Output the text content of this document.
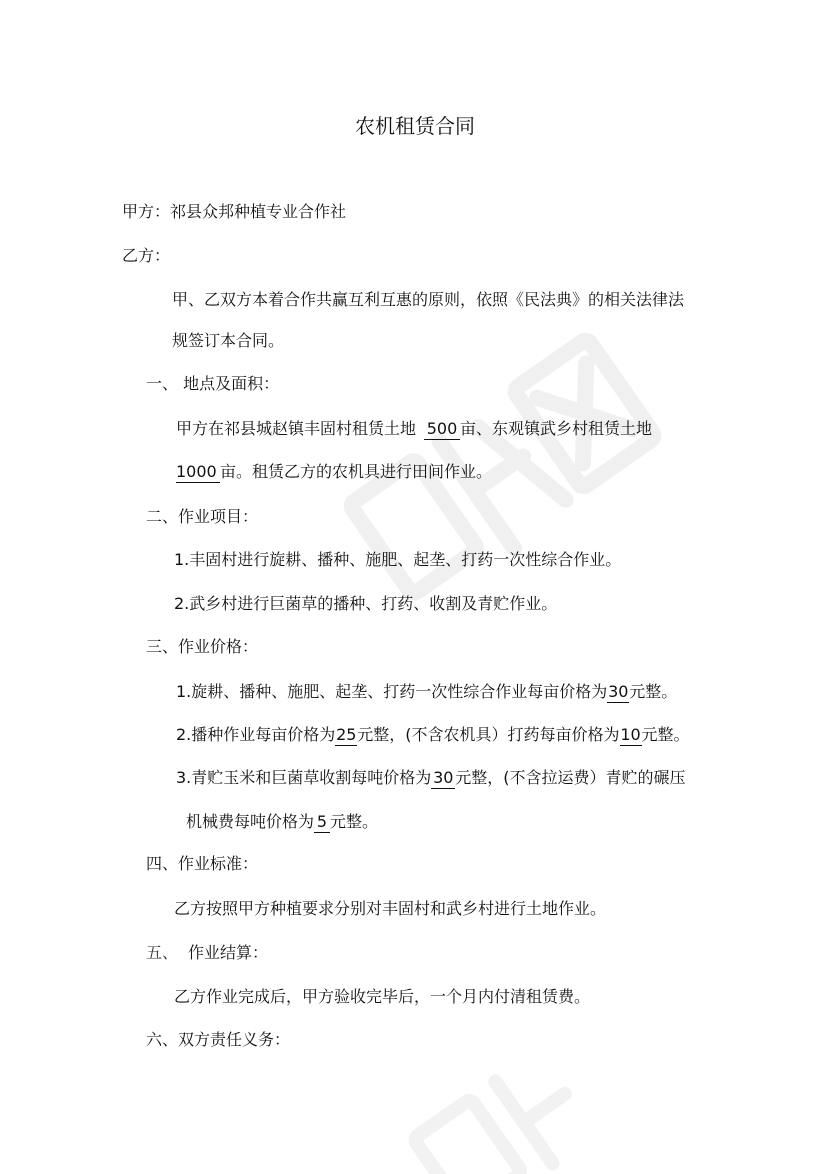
农机租赁合同
甲方：祁县众邦种植专业合作社
乙方：
甲、乙双方本着合作共赢互利互惠的原则，依照《民法典》的相关法律法
规签订本合同。
一、 地点及面积：
甲方在祁县城赵镇丰固村租赁土地 500 亩、东观镇武乡村租赁土地
1000 亩。租赁乙方的农机具进行田间作业。
二、作业项目：
1.丰固村进行旋耕、播种、施肥、起垄、打药一次性综合作业。
2.武乡村进行巨菌草的播种、打药、收割及青贮作业。
三、作业价格：
1.旋耕、播种、施肥、起垄、打药一次性综合作业每亩价格为30元整。
2.播种作业每亩价格为25元整，(不含农机具）打药每亩价格为10元整。
3.青贮玉米和巨菌草收割每吨价格为 30 元整，(不含拉运费）青贮的碾压
机械费每吨价格为 5 元整。
四、作业标准：
乙方按照甲方种植要求分别对丰固村和武乡村进行土地作业。
五、 作业结算：
乙方作业完成后，甲方验收完毕后，一个月内付清租赁费。
六、双方责任义务：
